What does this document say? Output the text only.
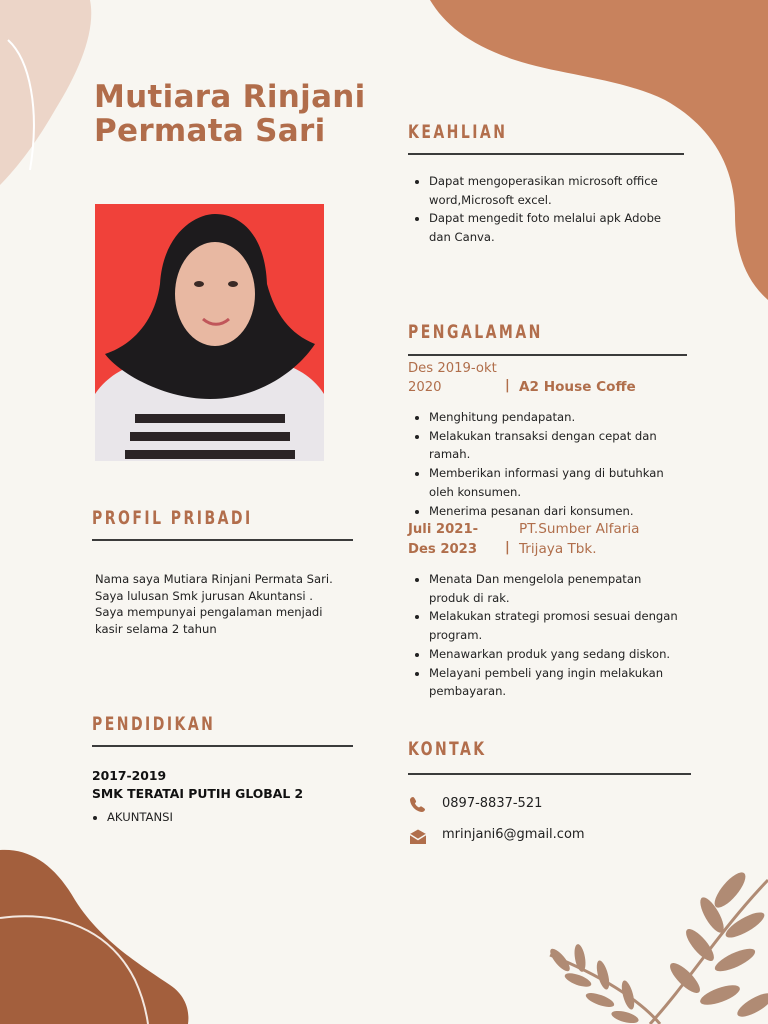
Mutiara Rinjani
Permata Sari	KEAHLIAN
Dapat mengoperasikan microsoft office word,Microsoft excel.
Dapat mengedit foto melalui apk Adobe dan Canva.
PENGALAMAN
Des 2019-okt
2020	| A2 House Coffe
Menghitung pendapatan.
Melakukan transaksi dengan cepat dan ramah.
Memberikan informasi yang di butuhkan oleh konsumen.
Menerima pesanan dari konsumen.
Juli 2021-
Des 2023
PT.Sumber Alfaria
| Trijaya Tbk.
Menata Dan mengelola penempatan produk di rak.
Melakukan strategi promosi sesuai dengan program.
Menawarkan produk yang sedang diskon.
Melayani pembeli yang ingin melakukan pembayaran.
PROFIL PRIBADI
Nama saya Mutiara Rinjani Permata Sari. Saya lulusan Smk jurusan Akuntansi . Saya mempunyai pengalaman menjadi kasir selama 2 tahun
PENDIDIKAN
2017-2019
SMK TERATAI PUTIH GLOBAL 2
AKUNTANSI
KONTAK
0897-8837-521
mrinjani6@gmail.com
